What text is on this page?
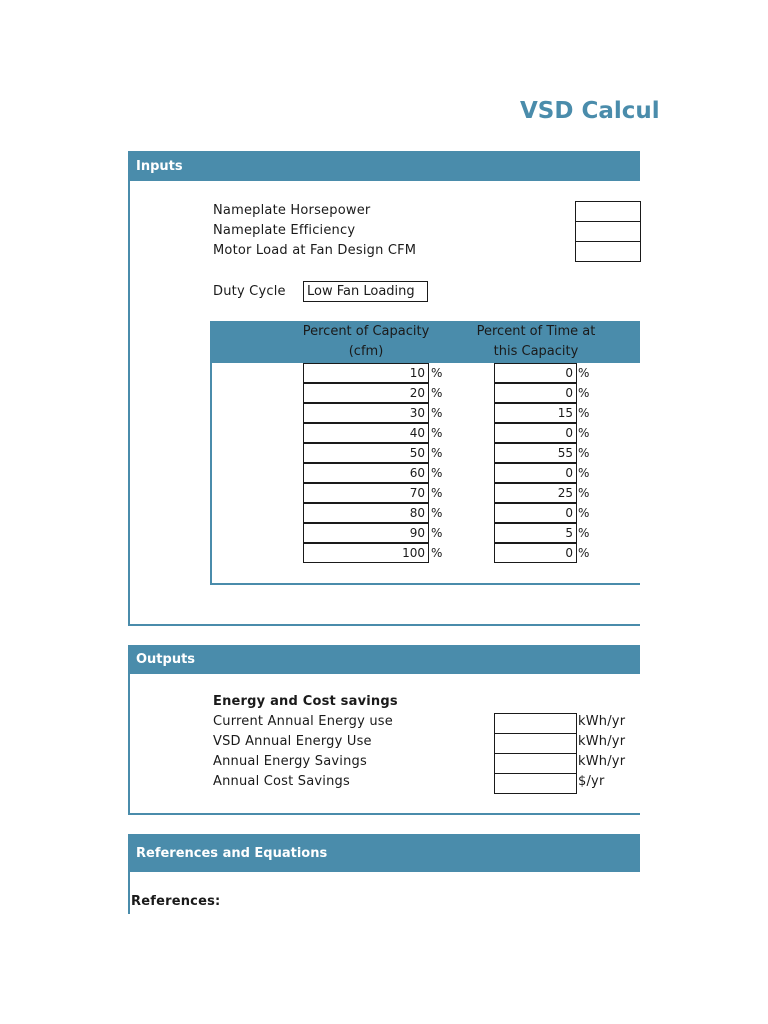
VSD Calcul
Inputs
Nameplate Horsepower
Nameplate Efficiency
Motor Load at Fan Design CFM
Duty Cycle	Low Fan Loading
Percent of Capacity
(cfm)
Percent of Time at
this Capacity
10 %	0 %
20 %	0 %
30 %	15 %
40 %	0 %
50 %	55 %
60 %	0 %
70 %	25 %
80 %	0 %
90 %	5 %
100 %	0 %
Outputs
Energy and Cost savings
Current Annual Energy use	kWh/yr
VSD Annual Energy Use	kWh/yr
Annual Energy Savings	kWh/yr
Annual Cost Savings	$/yr
References and Equations
References:
